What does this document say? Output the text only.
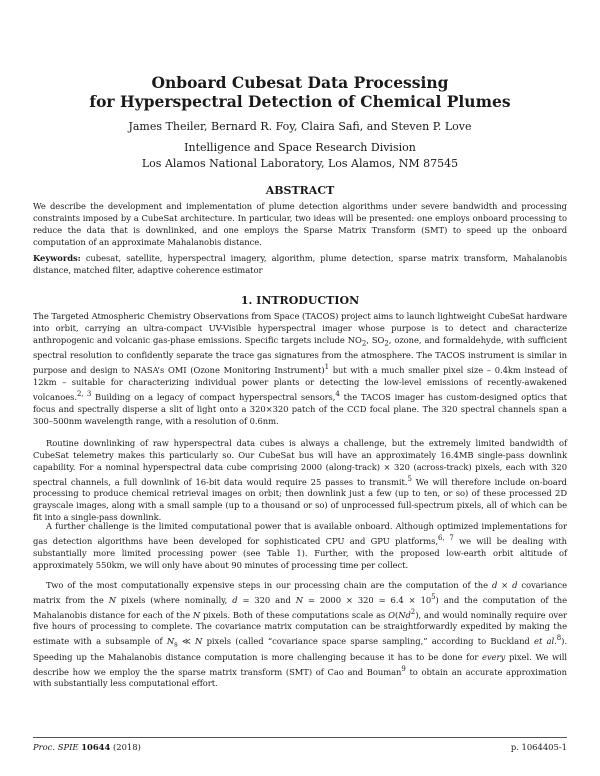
Onboard Cubesat Data Processing
for Hyperspectral Detection of Chemical Plumes
James Theiler, Bernard R. Foy, Claira Safi, and Steven P. Love
Intelligence and Space Research Division
Los Alamos National Laboratory, Los Alamos, NM 87545
ABSTRACT

We describe the development and implementation of plume detection algorithms under severe bandwidth and processing constraints imposed by a CubeSat architecture. In particular, two ideas will be presented: one employs onboard processing to reduce the data that is downlinked, and one employs the Sparse Matrix Transform (SMT) to speed up the onboard computation of an approximate Mahalanobis distance.

Keywords: cubesat, satellite, hyperspectral imagery, algorithm, plume detection, sparse matrix transform, Mahalanobis distance, matched filter, adaptive coherence estimator

1. INTRODUCTION

The Targeted Atmospheric Chemistry Observations from Space (TACOS) project aims to launch lightweight CubeSat hardware into orbit, carrying an ultra-compact UV-Visible hyperspectral imager whose purpose is to detect and characterize anthropogenic and volcanic gas-phase emissions. Specific targets include $NO_2$, $SO_2$, ozone, and formaldehyde, with sufficient spectral resolution to confidently separate the trace gas signatures from the atmosphere. The TACOS instrument is similar in purpose and design to NASA’s OMI (Ozone Monitoring Instrument)$^1$ but with a much smaller pixel size – 0.4km instead of 12km – suitable for characterizing individual power plants or detecting the low-level emissions of recently-awakened volcanoes.$^{2, 3}$ Building on a legacy of compact hyperspectral sensors,$^4$ the TACOS imager has custom-designed optics that focus and spectrally disperse a slit of light onto a 320×320 patch of the CCD focal plane. The 320 spectral channels span a 300–500nm wavelength range, with a resolution of 0.6nm.

Routine downlinking of raw hyperspectral data cubes is always a challenge, but the extremely limited bandwidth of CubeSat telemetry makes this particularly so. Our CubeSat bus will have an approximately 16.4MB single-pass downlink capability. For a nominal hyperspectral data cube comprising 2000 (along-track) × 320 (across-track) pixels, each with 320 spectral channels, a full downlink of 16-bit data would require 25 passes to transmit.$^5$ We will therefore include on-board processing to produce chemical retrieval images on orbit; then downlink just a few (up to ten, or so) of these processed 2D grayscale images, along with a small sample (up to a thousand or so) of unprocessed full-spectrum pixels, all of which can be fit into a single-pass downlink.

A further challenge is the limited computational power that is available onboard. Although optimized implementations for gas detection algorithms have been developed for sophisticated CPU and GPU platforms,$^{6, 7}$ we will be dealing with substantially more limited processing power (see Table 1). Further, with the proposed low-earth orbit altitude of approximately 550km, we will only have about 90 minutes of processing time per collect.

Two of the most computationally expensive steps in our processing chain are the computation of the d × d covariance matrix from the N pixels (where nominally, d = 320 and $N = 2000 \times 320 = 6.4 \times 10^5$) and the computation of the Mahalanobis distance for each of the N pixels. Both of these computations scale as O(Nd$^2$), and would nominally require over five hours of processing to complete. The covariance matrix computation can be straightforwardly expedited by making the estimate with a subsample of $N_s$ ≪ N pixels (called “covariance space sparse sampling,” according to Buckland et al.$^8$). Speeding up the Mahalanobis distance computation is more challenging because it has to be done for every pixel. We will describe how we employ the the sparse matrix transform (SMT) of Cao and Bouman$^9$ to obtain an accurate approximation with substantially less computational effort.

Proc. SPIE 10644 (2018)	p. 1064405-1
